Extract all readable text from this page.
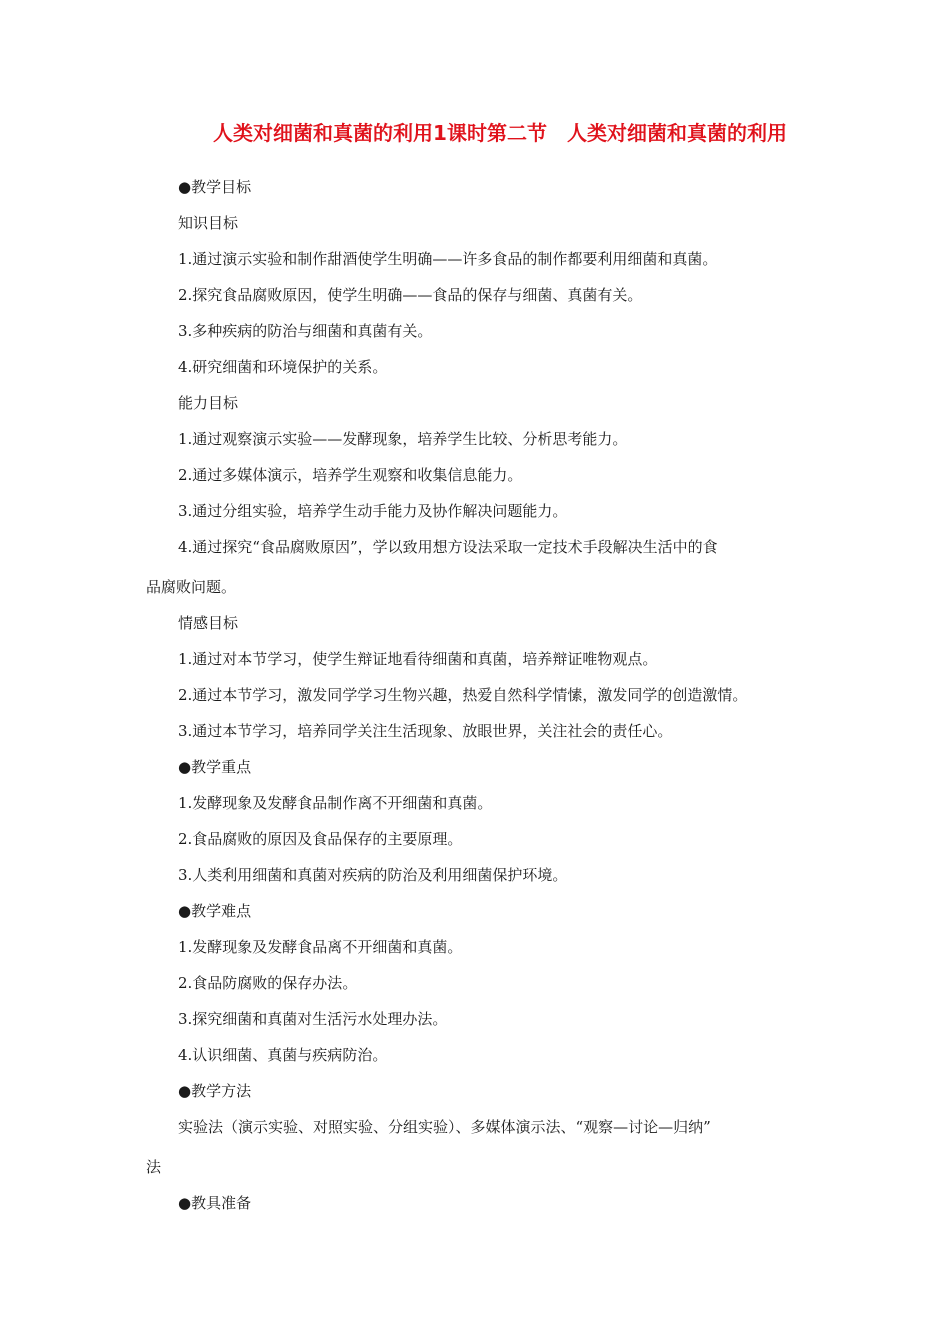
人类对细菌和真菌的利用1课时第二节　人类对细菌和真菌的利用
●教学目标
知识目标
1.通过演示实验和制作甜酒使学生明确——许多食品的制作都要利用细菌和真菌。
2.探究食品腐败原因，使学生明确——食品的保存与细菌、真菌有关。
3.多种疾病的防治与细菌和真菌有关。
4.研究细菌和环境保护的关系。
能力目标
1.通过观察演示实验——发酵现象，培养学生比较、分析思考能力。
2.通过多媒体演示，培养学生观察和收集信息能力。
3.通过分组实验，培养学生动手能力及协作解决问题能力。
4.通过探究“食品腐败原因”，学以致用想方设法采取一定技术手段解决生活中的食
品腐败问题。
情感目标
1.通过对本节学习，使学生辩证地看待细菌和真菌，培养辩证唯物观点。
2.通过本节学习，激发同学学习生物兴趣，热爱自然科学情愫，激发同学的创造激情。
3.通过本节学习，培养同学关注生活现象、放眼世界，关注社会的责任心。
●教学重点
1.发酵现象及发酵食品制作离不开细菌和真菌。
2.食品腐败的原因及食品保存的主要原理。
3.人类利用细菌和真菌对疾病的防治及利用细菌保护环境。
●教学难点
1.发酵现象及发酵食品离不开细菌和真菌。
2.食品防腐败的保存办法。
3.探究细菌和真菌对生活污水处理办法。
4.认识细菌、真菌与疾病防治。
●教学方法
实验法（演示实验、对照实验、分组实验）、多媒体演示法、“观察—讨论—归纳”
法
●教具准备
